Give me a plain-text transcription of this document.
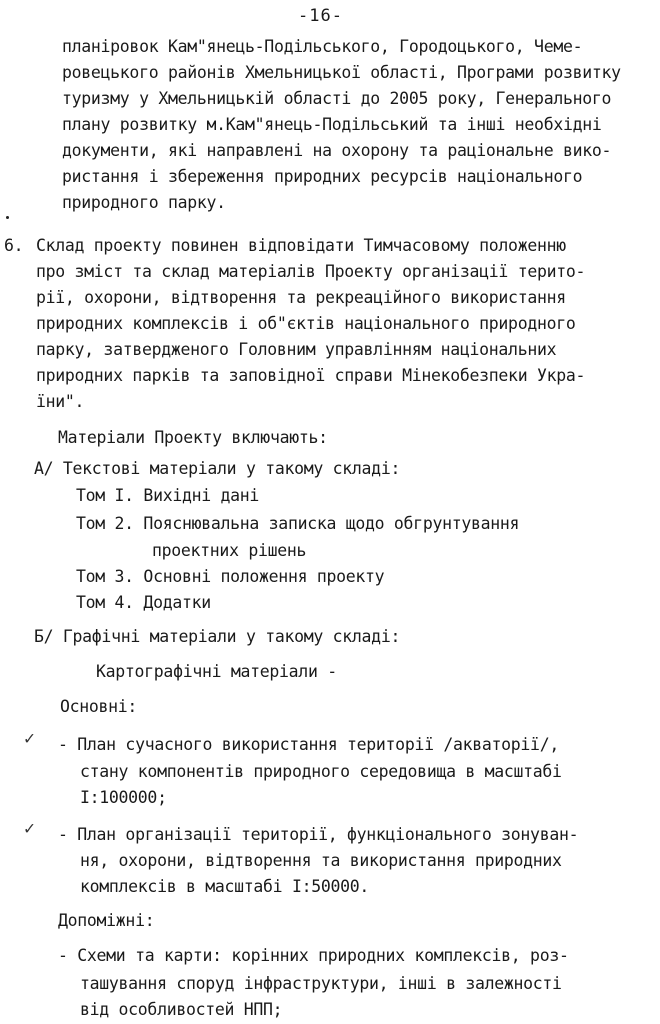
-16-
планіровок Кам"янець-Подільського, Городоцького, Чеме-
ровецького районів Хмельницької області, Програми розвитку
туризму у Хмельницькій області до 2005 року, Генерального
плану розвитку м.Кам"янець-Подільський та інші необхідні
документи, які направлені на охорону та раціональне вико-
ристання і збереження природних ресурсів національного
природного парку.
6. Склад проекту повинен відповідати Тимчасовому положенню
про зміст та склад матеріалів Проекту організації терито-
рії, охорони, відтворення та рекреаційного використання
природних комплексів і об"єктів національного природного
парку, затвердженого Головним управлінням національних
природних парків та заповідної справи Мінекобезпеки Укра-
їни".
Матеріали Проекту включають:
А/ Текстові матеріали у такому складі:
Том I. Вихідні дані
Том 2. Пояснювальна записка щодо обгрунтування
проектних рішень
Том 3. Основні положення проекту
Том 4. Додатки
Б/ Графічні матеріали у такому складі:
Картографічні матеріали -
Основні:
✓ - План сучасного використання території /акваторії/,
стану компонентів природного середовища в масштабі
I:100000;
✓ - План організації території, функціонального зонуван-
ня, охорони, відтворення та використання природних
комплексів в масштабі I:50000.
Допоміжні:
- Схеми та карти: корінних природних комплексів, роз-
ташування споруд інфраструктури, інші в залежності
від особливостей НПП;
